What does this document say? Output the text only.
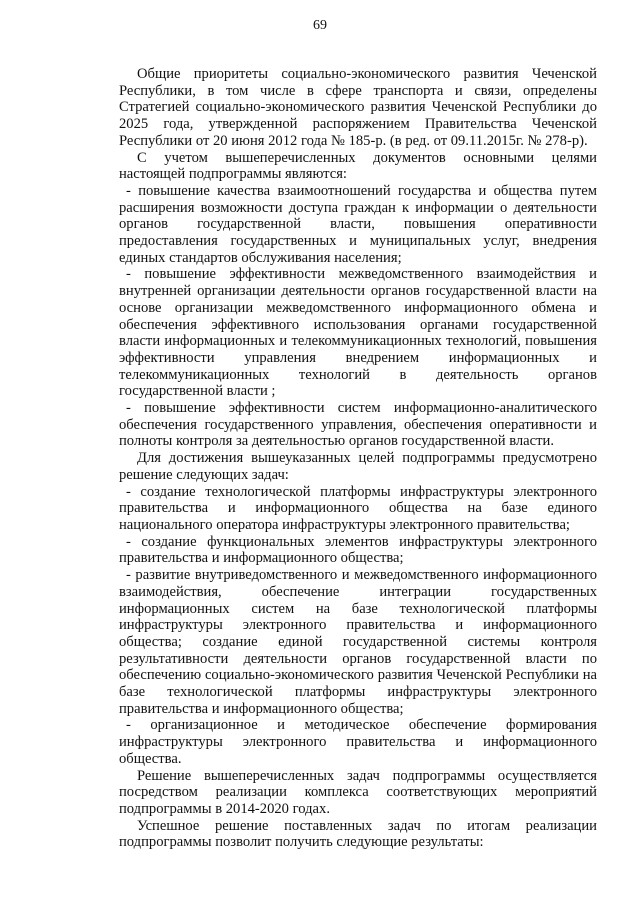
69

Общие приоритеты социально-экономического развития Чеченской Республики, в том числе в сфере транспорта и связи, определены Стратегией социально-экономического развития Чеченской Республики до 2025 года, утвержденной распоряжением Правительства Чеченской Республики от 20 июня 2012 года № 185-р. (в ред. от 09.11.2015г. № 278-р).

С учетом вышеперечисленных документов основными целями настоящей подпрограммы являются:

- повышение качества взаимоотношений государства и общества путем расширения возможности доступа граждан к информации о деятельности органов государственной власти, повышения оперативности предоставления государственных и муниципальных услуг, внедрения единых стандартов обслуживания населения;

- повышение эффективности межведомственного взаимодействия и внутренней организации деятельности органов государственной власти на основе организации межведомственного информационного обмена и обеспечения эффективного использования органами государственной власти информационных и телекоммуникационных технологий, повышения эффективности управления внедрением информационных и телекоммуникационных технологий в деятельность органов государственной власти ;

- повышение эффективности систем информационно-аналитического обеспечения государственного управления, обеспечения оперативности и полноты контроля за деятельностью органов государственной власти.

Для достижения вышеуказанных целей подпрограммы предусмотрено решение следующих задач:

- создание технологической платформы инфраструктуры электронного правительства и информационного общества на базе единого национального оператора инфраструктуры электронного правительства;

- создание функциональных элементов инфраструктуры электронного правительства и информационного общества;

- развитие внутриведомственного и межведомственного информационного взаимодействия, обеспечение интеграции государственных информационных систем на базе технологической платформы инфраструктуры электронного правительства и информационного общества; создание единой государственной системы контроля результативности деятельности органов государственной власти по обеспечению социально-экономического развития Чеченской Республики на базе технологической платформы инфраструктуры электронного правительства и информационного общества;

- организационное и методическое обеспечение формирования инфраструктуры электронного правительства и информационного общества.

Решение вышеперечисленных задач подпрограммы осуществляется посредством реализации комплекса соответствующих мероприятий подпрограммы в 2014-2020 годах.

Успешное решение поставленных задач по итогам реализации подпрограммы позволит получить следующие результаты:
